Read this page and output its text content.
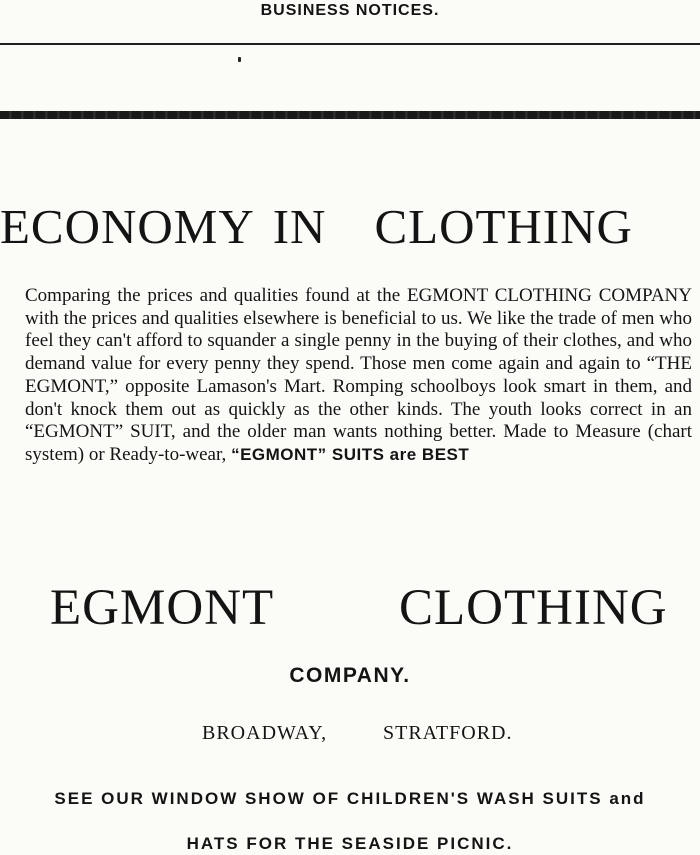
BUSINESS NOTICES.
ECONOMY IN CLOTHING

Comparing the prices and qualities found at the EGMONT CLOTHING COMPANY with the prices and qualities elsewhere is beneficial to us. We like the trade of men who feel they can't afford to squander a single penny in the buying of their clothes, and who demand value for every penny they spend. Those men come again and again to “THE EGMONT,” opposite Lamason's Mart. Romping schoolboys look smart in them, and don't knock them out as quickly as the other kinds. The youth looks correct in an “EGMONT” SUIT, and the older man wants nothing better. Made to Measure (chart system) or Ready-to-wear, “EGMONT” SUITS are BEST

EGMONT CLOTHING
COMPANY.
BROADWAY,	STRATFORD.
SEE OUR WINDOW SHOW OF CHILDREN'S WASH SUITS and
HATS FOR THE SEASIDE PICNIC.
